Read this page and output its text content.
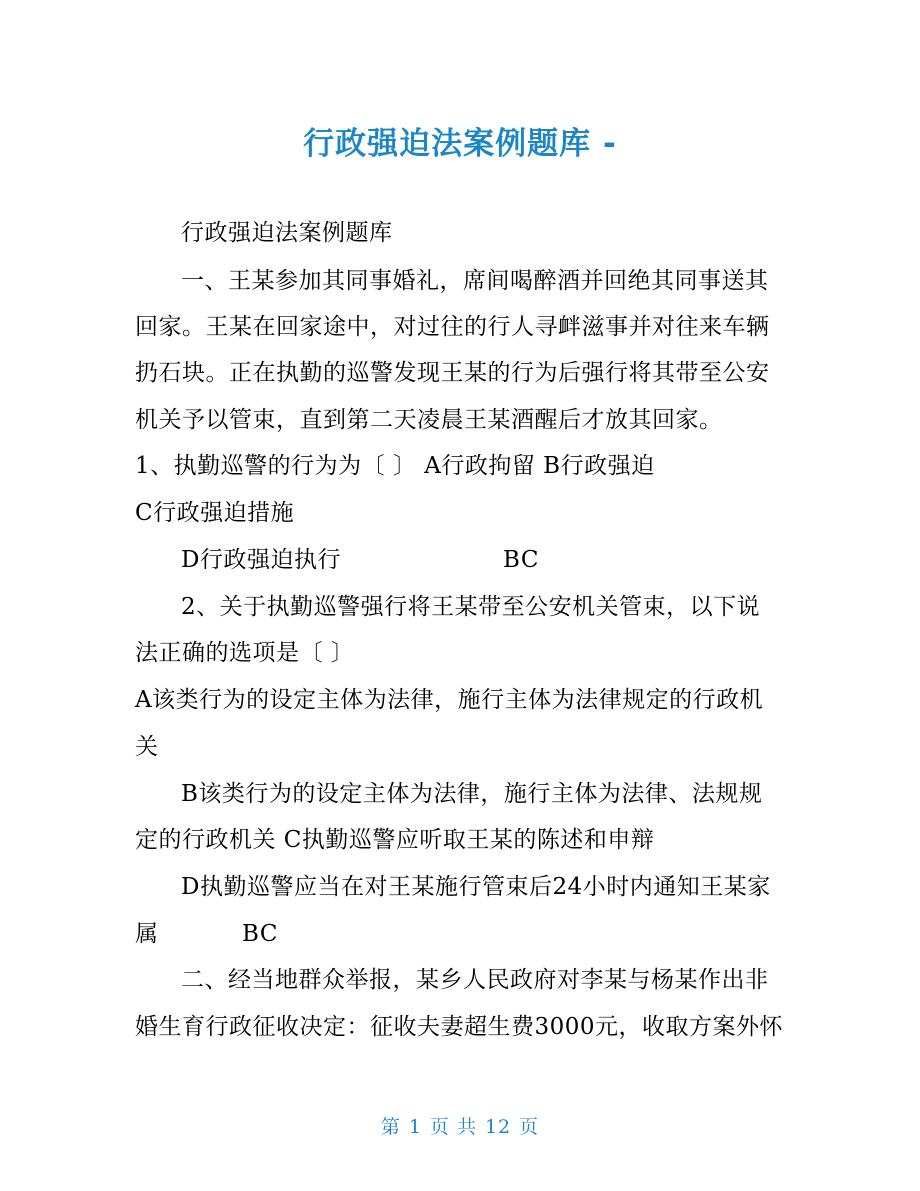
行政强迫法案例题库 -
行政强迫法案例题库
一、王某参加其同事婚礼，席间喝醉酒并回绝其同事送其
回家。王某在回家途中，对过往的行人寻衅滋事并对往来车辆
扔石块。正在执勤的巡警发现王某的行为后强行将其带至公安
机关予以管束，直到第二天凌晨王某酒醒后才放其回家。
1、执勤巡警的行为为〔 〕 A行政拘留 B行政强迫
C行政强迫措施
D行政强迫执行	BC
2、关于执勤巡警强行将王某带至公安机关管束，以下说
法正确的选项是〔 〕
A该类行为的设定主体为法律，施行主体为法律规定的行政机
关
B该类行为的设定主体为法律，施行主体为法律、法规规
定的行政机关 C执勤巡警应听取王某的陈述和申辩
D执勤巡警应当在对王某施行管束后24小时内通知王某家
属	BC
二、经当地群众举报，某乡人民政府对李某与杨某作出非
婚生育行政征收决定：征收夫妻超生费3000元，收取方案外怀
第 1 页 共 12 页
